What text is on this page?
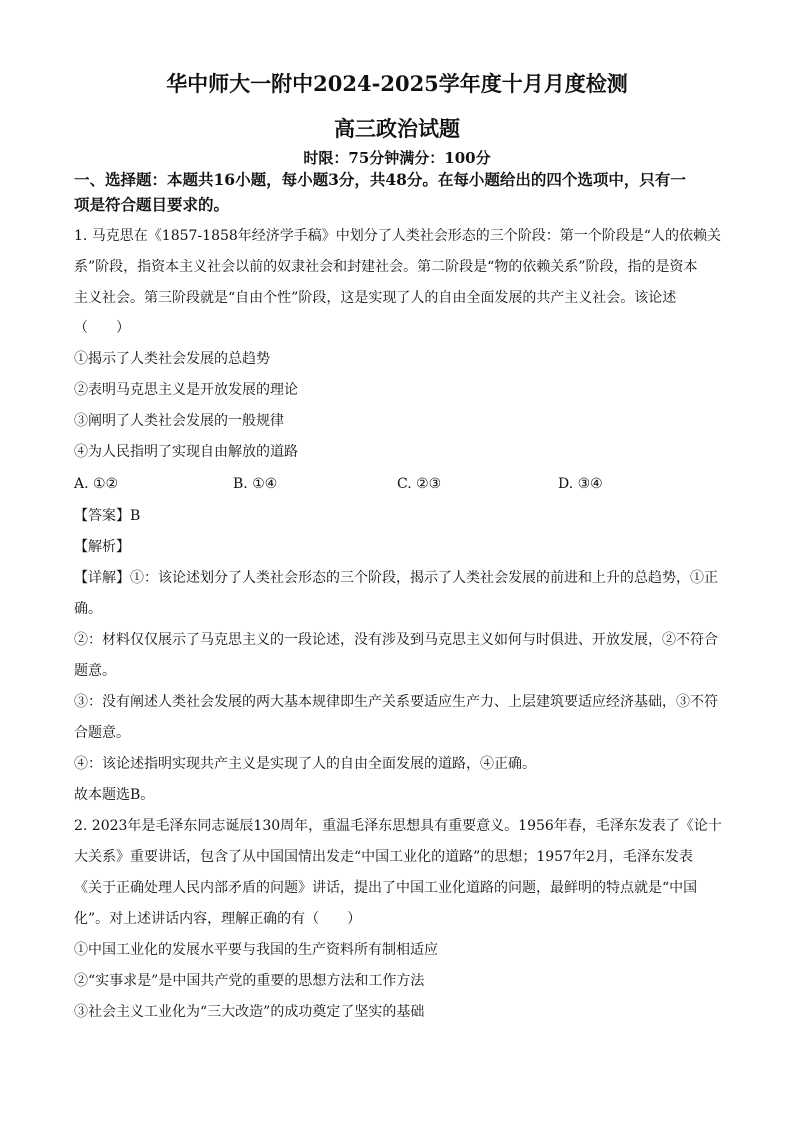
华中师大一附中2024-2025学年度十月月度检测
高三政治试题
时限：75分钟满分：100分

一、选择题：本题共16小题，每小题3分，共48分。在每小题给出的四个选项中，只有一

项是符合题目要求的。

1. 马克思在《1857-1858年经济学手稿》中划分了人类社会形态的三个阶段：第一个阶段是“人的依赖关

系”阶段，指资本主义社会以前的奴隶社会和封建社会。第二阶段是“物的依赖关系”阶段，指的是资本

主义社会。第三阶段就是“自由个性”阶段，这是实现了人的自由全面发展的共产主义社会。该论述

（　　）

①揭示了人类社会发展的总趋势

②表明马克思主义是开放发展的理论

③阐明了人类社会发展的一般规律

④为人民指明了实现自由解放的道路

A. ①②	B. ①④	C. ②③	D. ③④

【答案】B

【解析】

【详解】①：该论述划分了人类社会形态的三个阶段，揭示了人类社会发展的前进和上升的总趋势，①正

确。

②：材料仅仅展示了马克思主义的一段论述，没有涉及到马克思主义如何与时俱进、开放发展，②不符合

题意。

③：没有阐述人类社会发展的两大基本规律即生产关系要适应生产力、上层建筑要适应经济基础，③不符

合题意。

④：该论述指明实现共产主义是实现了人的自由全面发展的道路，④正确。

故本题选B。

2. 2023年是毛泽东同志诞辰130周年，重温毛泽东思想具有重要意义。1956年春，毛泽东发表了《论十

大关系》重要讲话，包含了从中国国情出发走“中国工业化的道路”的思想；1957年2月，毛泽东发表

《关于正确处理人民内部矛盾的问题》讲话，提出了中国工业化道路的问题，最鲜明的特点就是“中国

化”。对上述讲话内容，理解正确的有（　　）

①中国工业化的发展水平要与我国的生产资料所有制相适应

②“实事求是”是中国共产党的重要的思想方法和工作方法

③社会主义工业化为“三大改造”的成功奠定了坚实的基础
